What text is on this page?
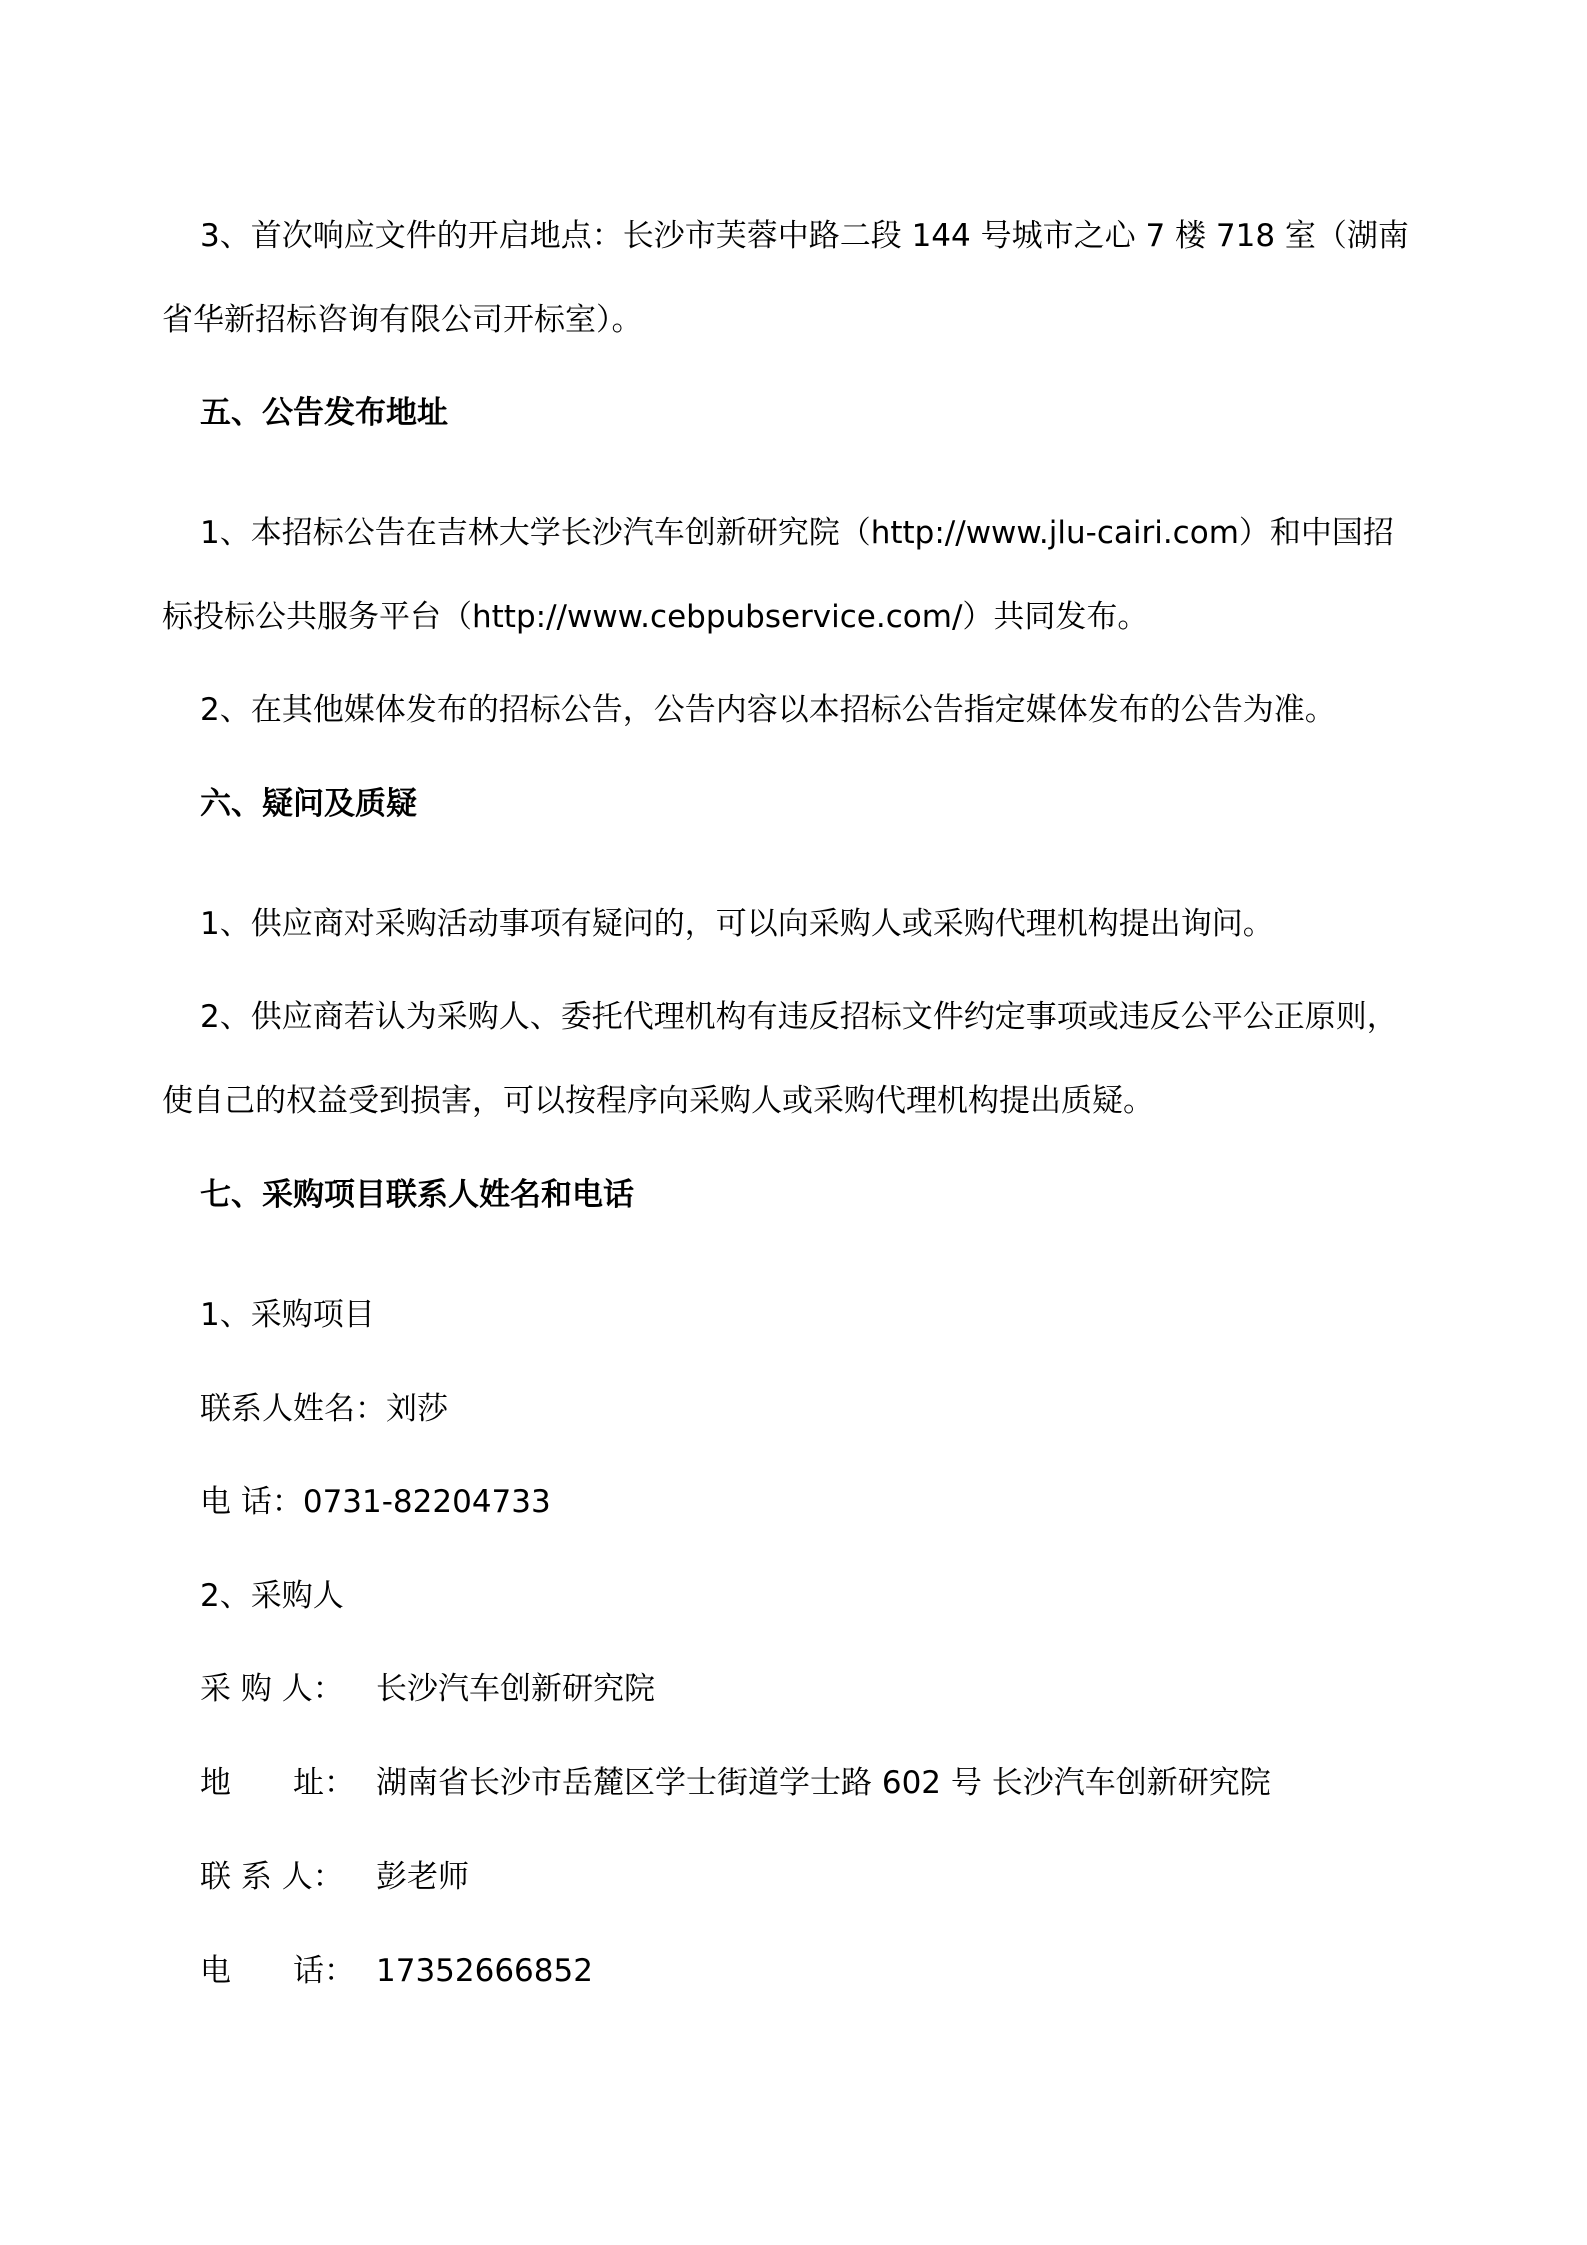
3、首次响应文件的开启地点：长沙市芙蓉中路二段 144 号城市之心 7 楼 718 室（湖南
省华新招标咨询有限公司开标室）。
五、公告发布地址
1、本招标公告在吉林大学长沙汽车创新研究院（http://www.jlu-cairi.com）和中国招
标投标公共服务平台（http://www.cebpubservice.com/）共同发布。
2、在其他媒体发布的招标公告，公告内容以本招标公告指定媒体发布的公告为准。
六、疑问及质疑
1、供应商对采购活动事项有疑问的，可以向采购人或采购代理机构提出询问。
2、供应商若认为采购人、委托代理机构有违反招标文件约定事项或违反公平公正原则，
使自己的权益受到损害，可以按程序向采购人或采购代理机构提出质疑。
七、采购项目联系人姓名和电话
1、采购项目
联系人姓名：刘莎
电 话：0731-82204733
2、采购人
采 购 人： 长沙汽车创新研究院
地　　址： 湖南省长沙市岳麓区学士街道学士路 602 号 长沙汽车创新研究院
联 系 人： 彭老师
电　　话： 17352666852
